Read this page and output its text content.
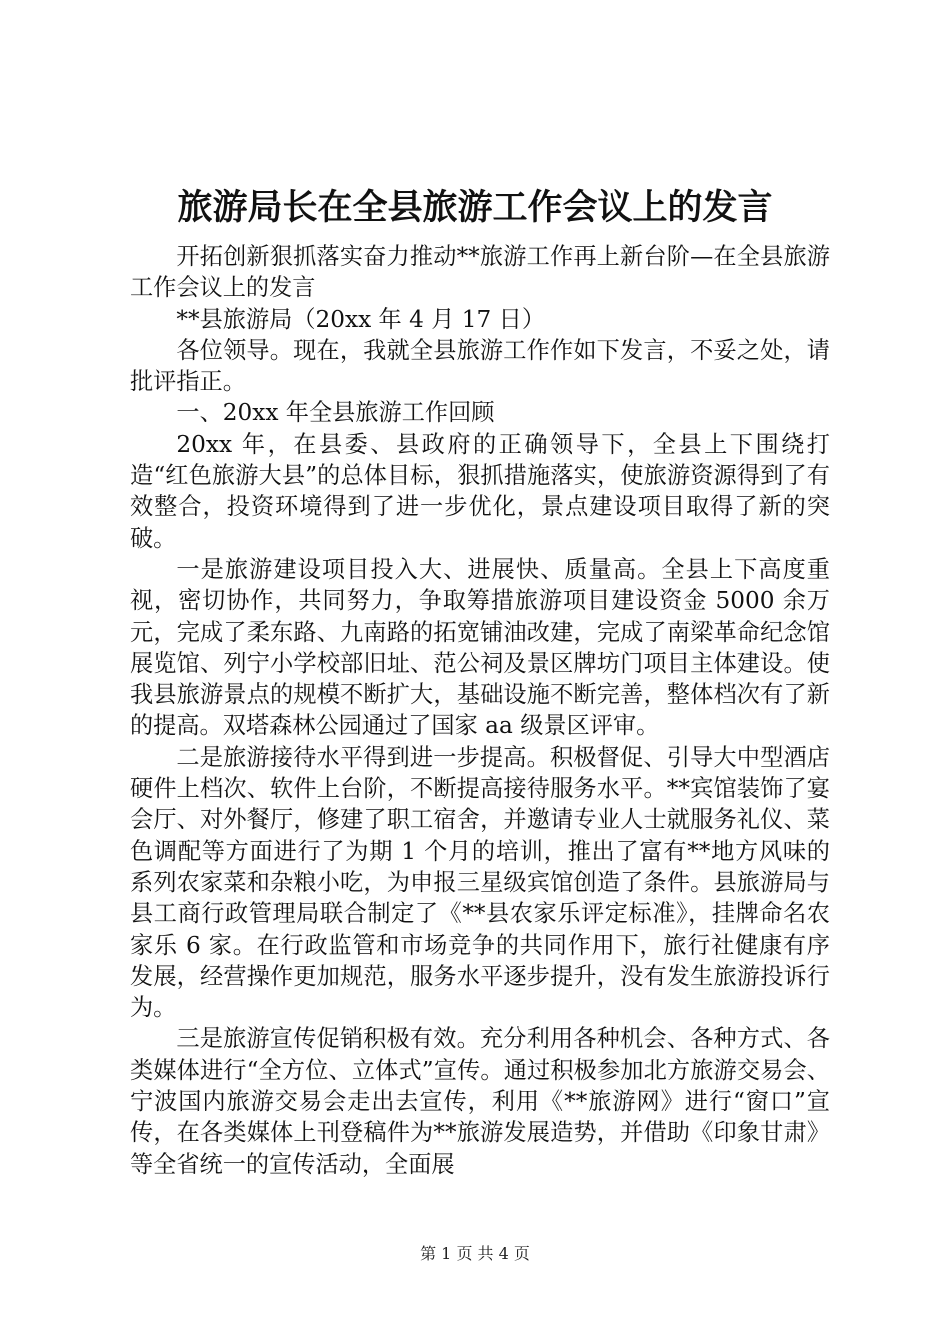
旅游局长在全县旅游工作会议上的发言

开拓创新狠抓落实奋力推动**旅游工作再上新台阶—在全县旅游工作会议上的发言

**县旅游局（20xx 年 4 月 17 日）

各位领导。现在，我就全县旅游工作作如下发言，不妥之处，请批评指正。

一、20xx 年全县旅游工作回顾

20xx 年，在县委、县政府的正确领导下，全县上下围绕打造“红色旅游大县”的总体目标，狠抓措施落实，使旅游资源得到了有效整合，投资环境得到了进一步优化，景点建设项目取得了新的突破。

一是旅游建设项目投入大、进展快、质量高。全县上下高度重视，密切协作，共同努力，争取筹措旅游项目建设资金 5000 余万元，完成了柔东路、九南路的拓宽铺油改建，完成了南梁革命纪念馆展览馆、列宁小学校部旧址、范公祠及景区牌坊门项目主体建设。使我县旅游景点的规模不断扩大，基础设施不断完善，整体档次有了新的提高。双塔森林公园通过了国家 aa 级景区评审。

二是旅游接待水平得到进一步提高。积极督促、引导大中型酒店硬件上档次、软件上台阶，不断提高接待服务水平。**宾馆装饰了宴会厅、对外餐厅，修建了职工宿舍，并邀请专业人士就服务礼仪、菜色调配等方面进行了为期 1 个月的培训，推出了富有**地方风味的系列农家菜和杂粮小吃，为申报三星级宾馆创造了条件。县旅游局与县工商行政管理局联合制定了《**县农家乐评定标准》，挂牌命名农家乐 6 家。在行政监管和市场竞争的共同作用下，旅行社健康有序发展，经营操作更加规范，服务水平逐步提升，没有发生旅游投诉行为。

三是旅游宣传促销积极有效。充分利用各种机会、各种方式、各类媒体进行“全方位、立体式”宣传。通过积极参加北方旅游交易会、宁波国内旅游交易会走出去宣传，利用《**旅游网》进行“窗口”宣传，在各类媒体上刊登稿件为**旅游发展造势，并借助《印象甘肃》等全省统一的宣传活动，全面展

第 1 页 共 4 页
